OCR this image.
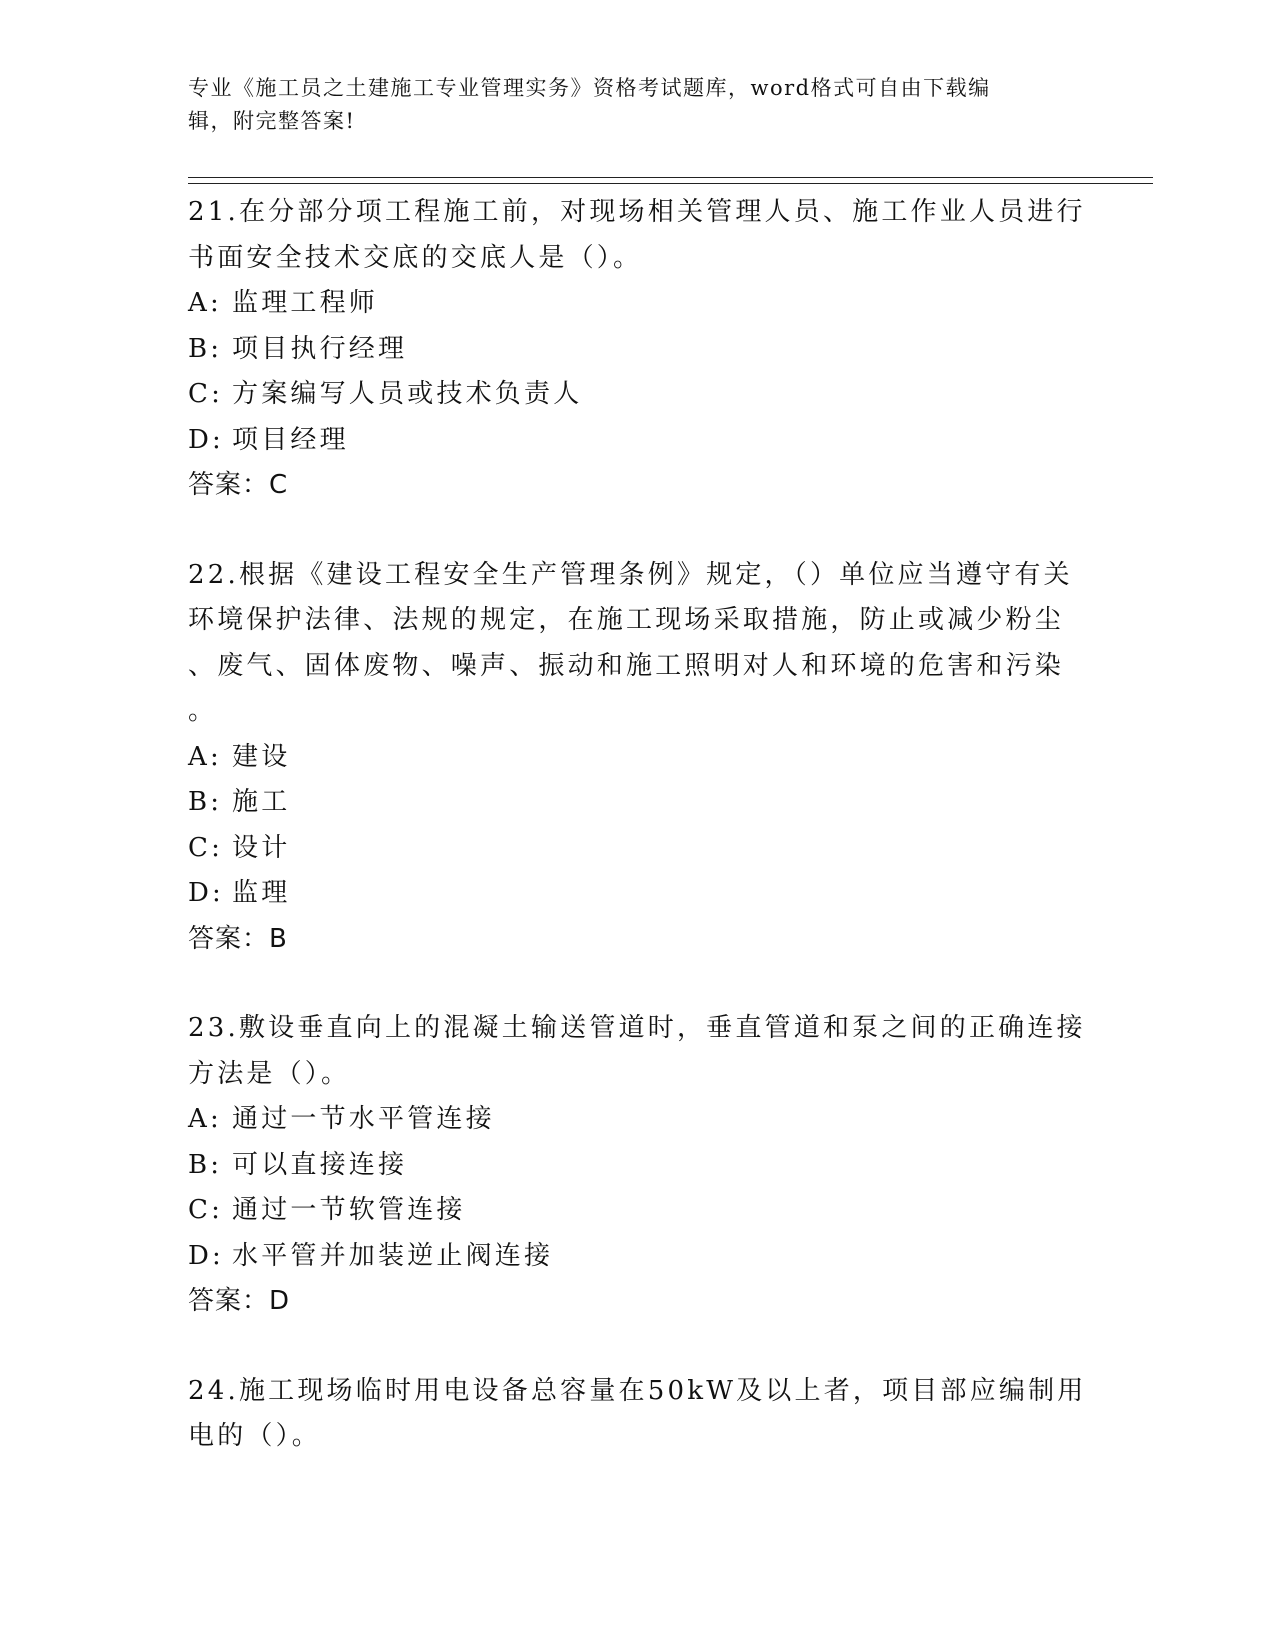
专业《施工员之土建施工专业管理实务》资格考试题库，word格式可自由下载编
辑，附完整答案!
21.在分部分项工程施工前，对现场相关管理人员、施工作业人员进行
书面安全技术交底的交底人是（）。
A: 监理工程师
B: 项目执行经理
C: 方案编写人员或技术负责人
D: 项目经理
答案：C
22.根据《建设工程安全生产管理条例》规定，（）单位应当遵守有关
环境保护法律、法规的规定，在施工现场采取措施，防止或减少粉尘
、废气、固体废物、噪声、振动和施工照明对人和环境的危害和污染
。
A: 建设
B: 施工
C: 设计
D: 监理
答案：B
23.敷设垂直向上的混凝土输送管道时，垂直管道和泵之间的正确连接
方法是（）。
A: 通过一节水平管连接
B: 可以直接连接
C: 通过一节软管连接
D: 水平管并加装逆止阀连接
答案：D
24.施工现场临时用电设备总容量在50kW及以上者，项目部应编制用
电的（）。
